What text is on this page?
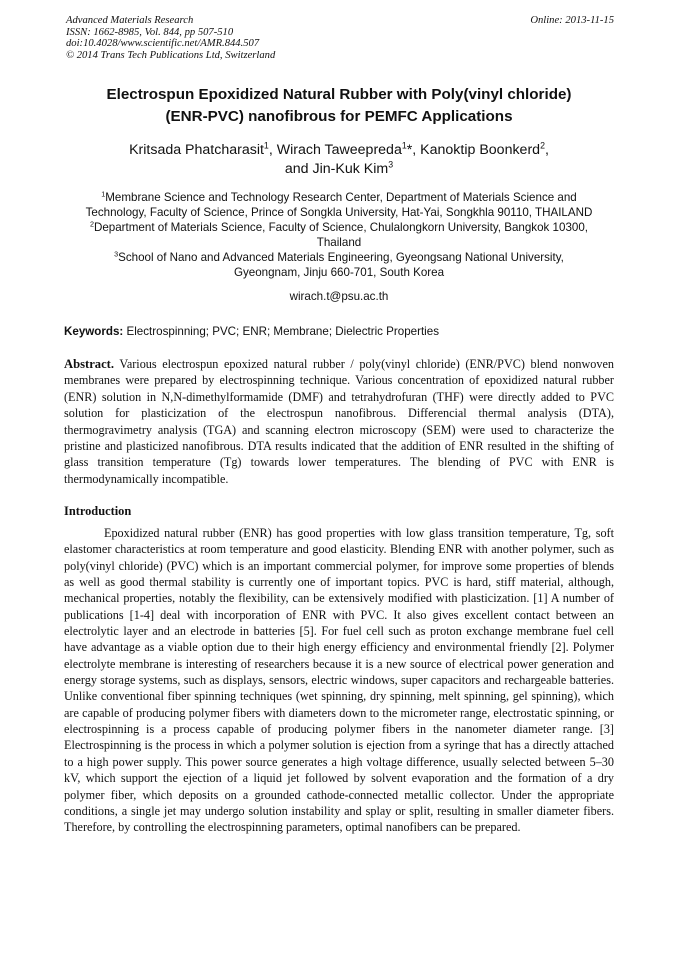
Advanced Materials Research
ISSN: 1662-8985, Vol. 844, pp 507-510
doi:10.4028/www.scientific.net/AMR.844.507
© 2014 Trans Tech Publications Ltd, Switzerland
Online: 2013-11-15
Electrospun Epoxidized Natural Rubber with Poly(vinyl chloride)
(ENR-PVC) nanofibrous for PEMFC Applications
Kritsada Phatcharasit$^1$, Wirach Taweepreda$^1$*, Kanoktip Boonkerd$^2$,
and Jin-Kuk Kim$^3$
$^1$Membrane Science and Technology Research Center, Department of Materials Science and
Technology, Faculty of Science, Prince of Songkla University, Hat-Yai, Songkhla 90110, THAILAND
$^2$Department of Materials Science, Faculty of Science, Chulalongkorn University, Bangkok 10300,
Thailand
$^3$School of Nano and Advanced Materials Engineering, Gyeongsang National University,
Gyeongnam, Jinju 660-701, South Korea
wirach.t@psu.ac.th
Keywords: Electrospinning; PVC; ENR; Membrane; Dielectric Properties
Abstract. Various electrospun epoxized natural rubber / poly(vinyl chloride) (ENR/PVC) blend nonwoven membranes were prepared by electrospinning technique. Various concentration of epoxidized natural rubber (ENR) solution in N,N-dimethylformamide (DMF) and tetrahydrofuran (THF) were directly added to PVC solution for plasticization of the electrospun nanofibrous. Differencial thermal analysis (DTA), thermogravimetry analysis (TGA) and scanning electron microscopy (SEM) were used to characterize the pristine and plasticized nanofibrous. DTA results indicated that the addition of ENR resulted in the shifting of glass transition temperature (Tg) towards lower temperatures. The blending of PVC with ENR is thermodynamically incompatible.
Introduction
Epoxidized natural rubber (ENR) has good properties with low glass transition temperature, Tg, soft elastomer characteristics at room temperature and good elasticity. Blending ENR with another polymer, such as poly(vinyl chloride) (PVC) which is an important commercial polymer, for improve some properties of blends as well as good thermal stability is currently one of important topics. PVC is hard, stiff material, although, mechanical properties, notably the flexibility, can be extensively modified with plasticization. [1] A number of publications [1-4] deal with incorporation of ENR with PVC. It also gives excellent contact between an electrolytic layer and an electrode in batteries [5]. For fuel cell such as proton exchange membrane fuel cell have advantage as a viable option due to their high energy efficiency and environmental friendly [2]. Polymer electrolyte membrane is interesting of researchers because it is a new source of electrical power generation and energy storage systems, such as displays, sensors, electric windows, super capacitors and rechargeable batteries. Unlike conventional fiber spinning techniques (wet spinning, dry spinning, melt spinning, gel spinning), which are capable of producing polymer fibers with diameters down to the micrometer range, electrostatic spinning, or electrospinning is a process capable of producing polymer fibers in the nanometer diameter range. [3] Electrospinning is the process in which a polymer solution is ejection from a syringe that has a directly attached to a high power supply. This power source generates a high voltage difference, usually selected between 5–30 kV, which support the ejection of a liquid jet followed by solvent evaporation and the formation of a dry polymer fiber, which deposits on a grounded cathode-connected metallic collector. Under the appropriate conditions, a single jet may undergo solution instability and splay or split, resulting in smaller diameter fibers. Therefore, by controlling the electrospinning parameters, optimal nanofibers can be prepared.
